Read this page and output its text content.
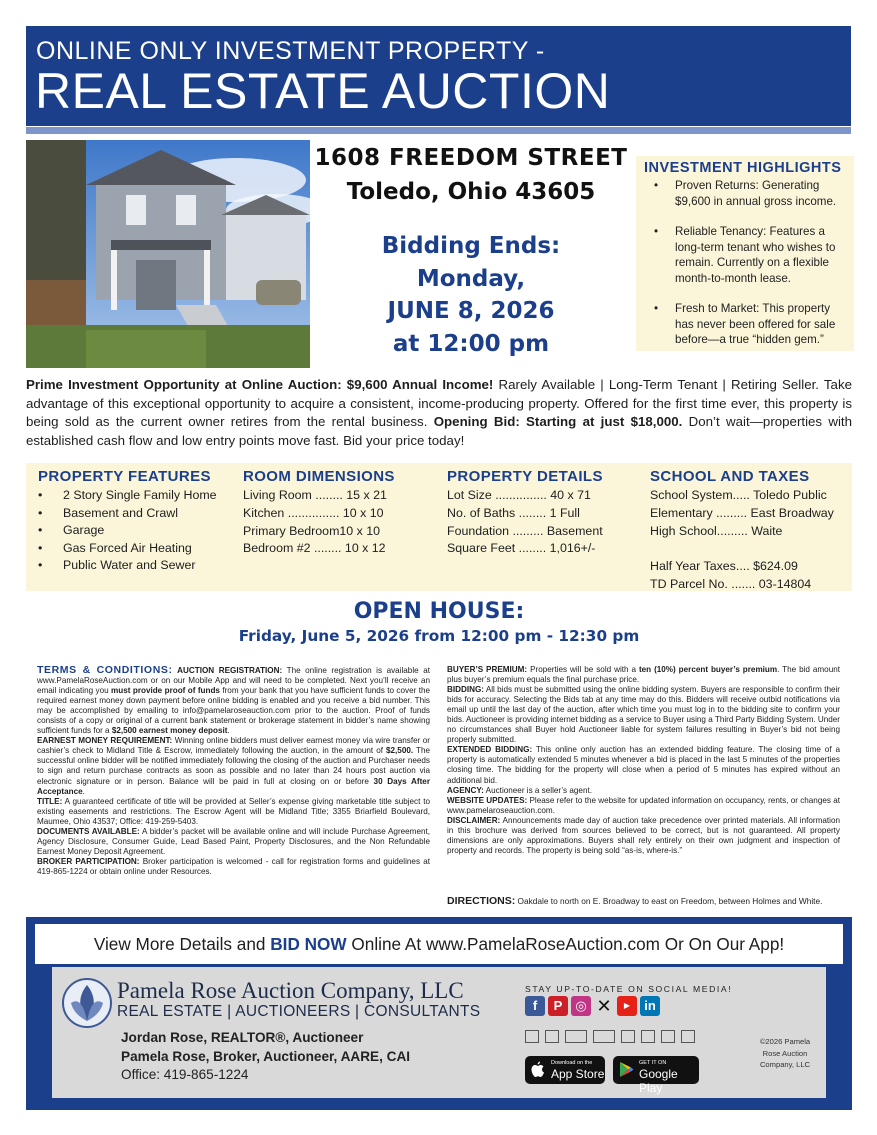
ONLINE ONLY INVESTMENT PROPERTY -
REAL ESTATE AUCTION
1608 FREEDOM STREET
Toledo, Ohio 43605
Bidding Ends:
Monday,
JUNE 8, 2026
at 12:00 pm
INVESTMENT HIGHLIGHTS
• Proven Returns: Generating $9,600 in annual gross income.
• Reliable Tenancy: Features a long-term tenant who wishes to remain. Currently on a flexible month-to-month lease.
• Fresh to Market: This property has never been offered for sale before—a true “hidden gem.”
Prime Investment Opportunity at Online Auction: $9,600 Annual Income! Rarely Available | Long-Term Tenant | Retiring Seller. Take advantage of this exceptional opportunity to acquire a consistent, income-producing property. Offered for the first time ever, this property is being sold as the current owner retires from the rental business. Opening Bid: Starting at just $18,000. Don’t wait—properties with established cash flow and low entry points move fast. Bid your price today!
PROPERTY FEATURES
• 2 Story Single Family Home
• Basement and Crawl
• Garage
• Gas Forced Air Heating
• Public Water and Sewer
ROOM DIMENSIONS
Living Room ........ 15 x 21
Kitchen ............... 10 x 10
Primary Bedroom10 x 10
Bedroom #2 ........ 10 x 12
PROPERTY DETAILS
Lot Size ............... 40 x 71
No. of Baths ........ 1 Full
Foundation ......... Basement
Square Feet ........ 1,016+/-
SCHOOL AND TAXES
School System..... Toledo Public
Elementary ......... East Broadway
High School......... Waite
Half Year Taxes.... $624.09
TD Parcel No. ....... 03-14804
OPEN HOUSE:
Friday, June 5, 2026 from 12:00 pm - 12:30 pm

TERMS & CONDITIONS: AUCTION REGISTRATION: The online registration is available at www.PamelaRoseAuction.com or on our Mobile App and will need to be completed. Next you’ll receive an email indicating you must provide proof of funds from your bank that you have sufficient funds to cover the required earnest money down payment before online bidding is enabled and you receive a bid number. This may be accomplished by emailing to info@pamelaroseauction.com prior to the auction. Proof of funds consists of a copy or original of a current bank statement or brokerage statement in bidder’s name showing sufficient funds for a $2,500 earnest money deposit.

EARNEST MONEY REQUIREMENT: Winning online bidders must deliver earnest money via wire transfer or cashier’s check to Midland Title & Escrow, immediately following the auction, in the amount of $2,500. The successful online bidder will be notified immediately following the closing of the auction and Purchaser needs to sign and return purchase contracts as soon as possible and no later than 24 hours post auction via electronic signature or in person. Balance will be paid in full at closing on or before 30 Days After Acceptance.

TITLE: A guaranteed certificate of title will be provided at Seller’s expense giving marketable title subject to existing easements and restrictions. The Escrow Agent will be Midland Title; 3355 Briarfield Boulevard, Maumee, Ohio 43537; Office: 419-259-5403.

DOCUMENTS AVAILABLE: A bidder’s packet will be available online and will include Purchase Agreement, Agency Disclosure, Consumer Guide, Lead Based Paint, Property Disclosures, and the Non Refundable Earnest Money Deposit Agreement.

BROKER PARTICIPATION: Broker participation is welcomed - call for registration forms and guidelines at 419-865-1224 or obtain online under Resources.

BUYER’S PREMIUM: Properties will be sold with a ten (10%) percent buyer’s premium. The bid amount plus buyer’s premium equals the final purchase price.

BIDDING: All bids must be submitted using the online bidding system. Buyers are responsible to confirm their bids for accuracy. Selecting the Bids tab at any time may do this. Bidders will receive outbid notifications via email up until the last day of the auction, after which time you must log in to the bidding site to confirm your bids. Auctioneer is providing internet bidding as a service to Buyer using a Third Party Bidding System. Under no circumstances shall Buyer hold Auctioneer liable for system failures resulting in Buyer’s bid not being properly submitted.

EXTENDED BIDDING: This online only auction has an extended bidding feature. The closing time of a property is automatically extended 5 minutes whenever a bid is placed in the last 5 minutes of the properties closing time. The bidding for the property will close when a period of 5 minutes has expired without an additional bid.

AGENCY: Auctioneer is a seller’s agent.

WEBSITE UPDATES: Please refer to the website for updated information on occupancy, rents, or changes at www.pamelaroseauction.com.

DISCLAIMER: Announcements made day of auction take precedence over printed materials. All information in this brochure was derived from sources believed to be correct, but is not guaranteed. All property dimensions are only approximations. Buyers shall rely entirely on their own judgment and inspection of property and records. The property is being sold “as-is, where-is.”

DIRECTIONS: Oakdale to north on E. Broadway to east on Freedom, between Holmes and White.
View More Details and BID NOW Online At www.PamelaRoseAuction.com Or On Our App!
Pamela Rose Auction Company, LLC
REAL ESTATE | AUCTIONEERS | CONSULTANTS
Jordan Rose, REALTOR®, Auctioneer
Pamela Rose, Broker, Auctioneer, AARE, CAI
Office: 419-865-1224
STAY UP-TO-DATE ON SOCIAL MEDIA!
f	P	◎ ✕	▶	in
Download on the
App Store
GET IT ON
Google Play
©2026 Pamela Rose Auction Company, LLC
